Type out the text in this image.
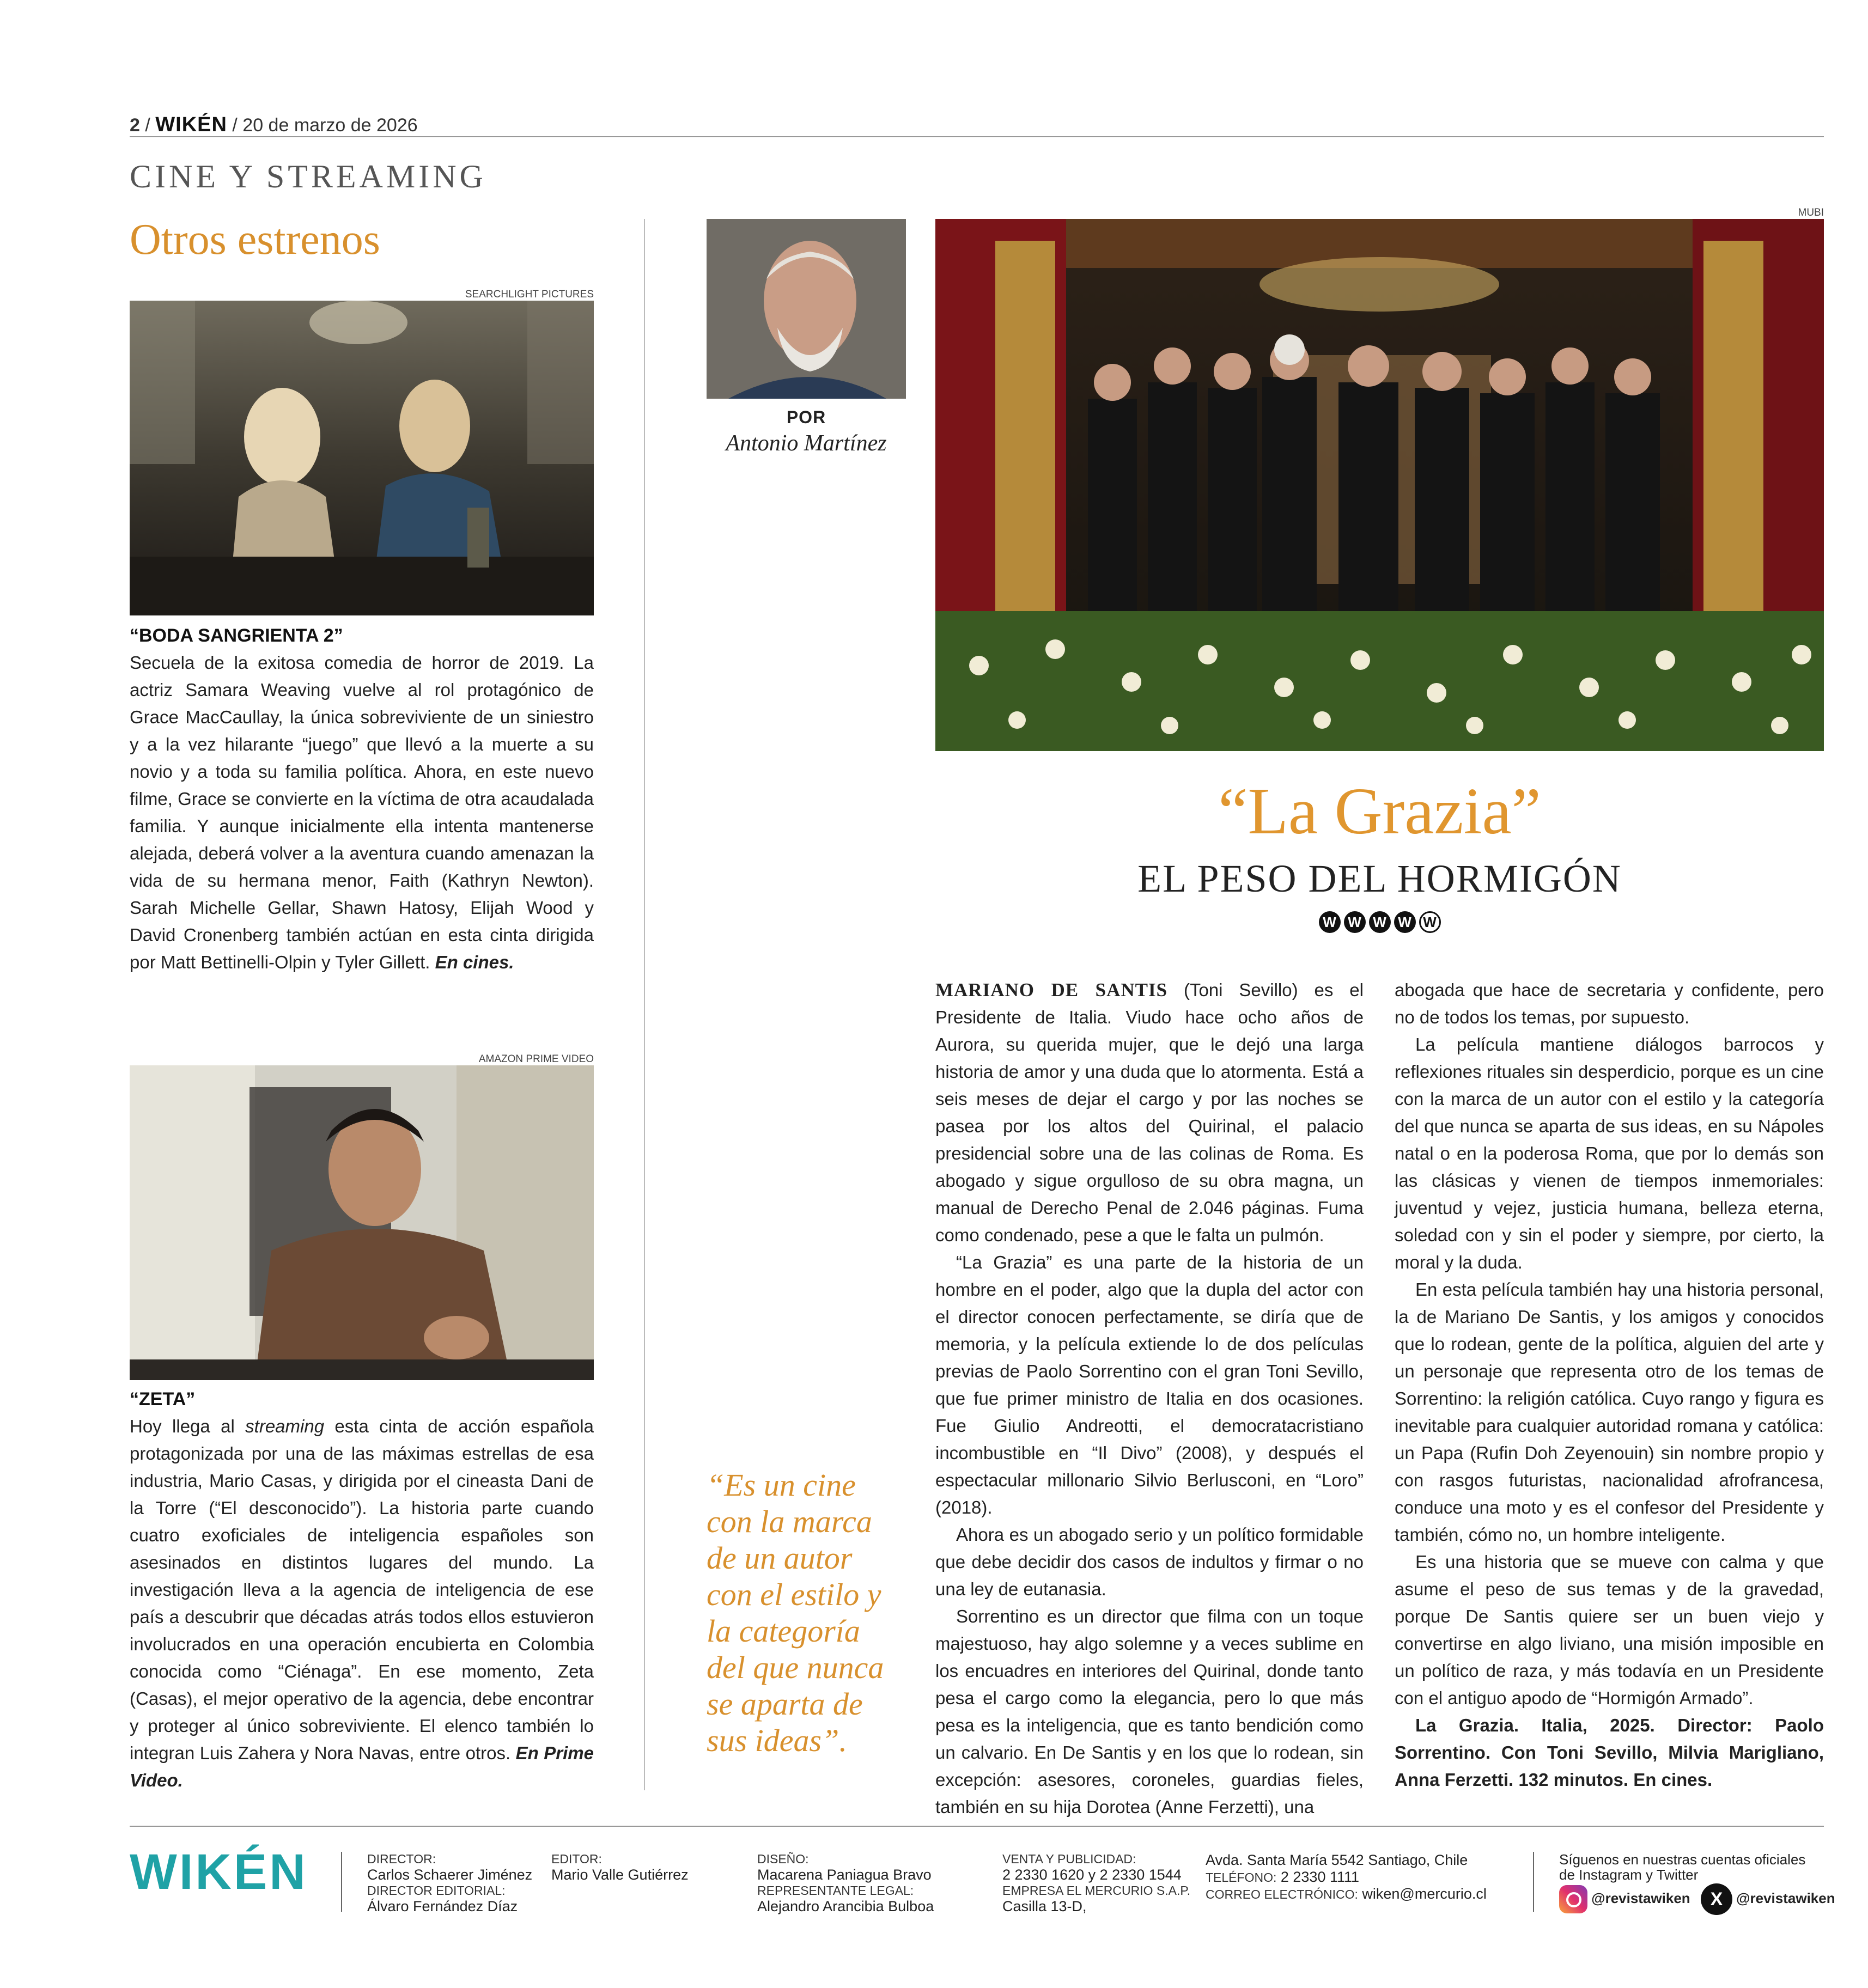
2 / WIKÉN / 20 de marzo de 2026
CINE Y STREAMING
Otros estrenos
SEARCHLIGHT PICTURES
“BODA SANGRIENTA 2”
Secuela de la exitosa comedia de horror de 2019. La actriz Samara Weaving vuelve al rol protagónico de Grace MacCaullay, la única sobreviviente de un siniestro y a la vez hilarante “juego” que llevó a la muerte a su novio y a toda su familia política. Ahora, en este nuevo filme, Grace se convierte en la víctima de otra acaudalada familia. Y aunque inicialmente ella intenta mantenerse alejada, deberá volver a la aventura cuando amenazan la vida de su hermana menor, Faith (Kathryn Newton). Sarah Michelle Gellar, Shawn Hatosy, Elijah Wood y David Cronenberg también actúan en esta cinta dirigida por Matt Bettinelli-Olpin y Tyler Gillett. En cines.
AMAZON PRIME VIDEO
“ZETA”
Hoy llega al streaming esta cinta de acción española protagonizada por una de las máximas estrellas de esa industria, Mario Casas, y dirigida por el cineasta Dani de la Torre (“El desconocido”). La historia parte cuando cuatro exoficiales de inteligencia españoles son asesinados en distintos lugares del mundo. La investigación lleva a la agencia de inteligencia de ese país a descubrir que décadas atrás todos ellos estuvieron involucrados en una operación encubierta en Colombia conocida como “Ciénaga”. En ese momento, Zeta (Casas), el mejor operativo de la agencia, debe encontrar y proteger al único sobreviviente. El elenco también lo integran Luis Zahera y Nora Navas, entre otros. En Prime Video.
POR
Antonio Martínez
“Es un cine con la marca de un autor con el estilo y la categoría del que nunca se aparta de sus ideas”.
MUBI
“La Grazia”
EL PESO DEL HORMIGÓN
W W W W W

MARIANO DE SANTIS (Toni Sevillo) es el Presidente de Italia. Viudo hace ocho años de Aurora, su querida mujer, que le dejó una larga historia de amor y una duda que lo atormenta. Está a seis meses de dejar el cargo y por las noches se pasea por los altos del Quirinal, el palacio presidencial sobre una de las colinas de Roma. Es abogado y sigue orgulloso de su obra magna, un manual de Derecho Penal de 2.046 páginas. Fuma como condenado, pese a que le falta un pulmón.

“La Grazia” es una parte de la historia de un hombre en el poder, algo que la dupla del actor con el director conocen perfectamente, se diría que de memoria, y la película extiende lo de dos películas previas de Paolo Sorrentino con el gran Toni Sevillo, que fue primer ministro de Italia en dos ocasiones. Fue Giulio Andreotti, el democratacristiano incombustible en “Il Divo” (2008), y después el espectacular millonario Silvio Berlusconi, en “Loro” (2018).

Ahora es un abogado serio y un político formidable que debe decidir dos casos de indultos y firmar o no una ley de eutanasia.

Sorrentino es un director que filma con un toque majestuoso, hay algo solemne y a veces sublime en los encuadres en interiores del Quirinal, donde tanto pesa el cargo como la elegancia, pero lo que más pesa es la inteligencia, que es tanto bendición como un calvario. En De Santis y en los que lo rodean, sin excepción: asesores, coroneles, guardias fieles, también en su hija Dorotea (Anne Ferzetti), una

abogada que hace de secretaria y confidente, pero no de todos los temas, por supuesto.

La película mantiene diálogos barrocos y reflexiones rituales sin desperdicio, porque es un cine con la marca de un autor con el estilo y la categoría del que nunca se aparta de sus ideas, en su Nápoles natal o en la poderosa Roma, que por lo demás son las clásicas y vienen de tiempos inmemoriales: juventud y vejez, justicia humana, belleza eterna, soledad con y sin el poder y siempre, por cierto, la moral y la duda.

En esta película también hay una historia personal, la de Mariano De Santis, y los amigos y conocidos que lo rodean, gente de la política, alguien del arte y un personaje que representa otro de los temas de Sorrentino: la religión católica. Cuyo rango y figura es inevitable para cualquier autoridad romana y católica: un Papa (Rufin Doh Zeyenouin) sin nombre propio y con rasgos futuristas, nacionalidad afrofrancesa, conduce una moto y es el confesor del Presidente y también, cómo no, un hombre inteligente.

Es una historia que se mueve con calma y que asume el peso de sus temas y de la gravedad, porque De Santis quiere ser un buen viejo y convertirse en algo liviano, una misión imposible en un político de raza, y más todavía en un Presidente con el antiguo apodo de “Hormigón Armado”.

La Grazia. Italia, 2025. Director: Paolo Sorrentino. Con Toni Sevillo, Milvia Marigliano, Anna Ferzetti. 132 minutos. En cines.

WIKÉN	DIRECTOR:
Carlos Schaerer Jiménez
DIRECTOR EDITORIAL:
Álvaro Fernández Díaz
EDITOR:
Mario Valle Gutiérrez
DISEÑO:
Macarena Paniagua Bravo
REPRESENTANTE LEGAL:
Alejandro Arancibia Bulboa
VENTA Y PUBLICIDAD:
2 2330 1620 y 2 2330 1544
EMPRESA EL MERCURIO S.A.P.
Casilla 13-D,
Avda. Santa María 5542 Santiago, Chile
TELÉFONO: 2 2330 1111
CORREO ELECTRÓNICO: wiken@mercurio.cl
Síguenos en nuestras cuentas oficiales de Instagram y Twitter
@revistawiken X @revistawiken
